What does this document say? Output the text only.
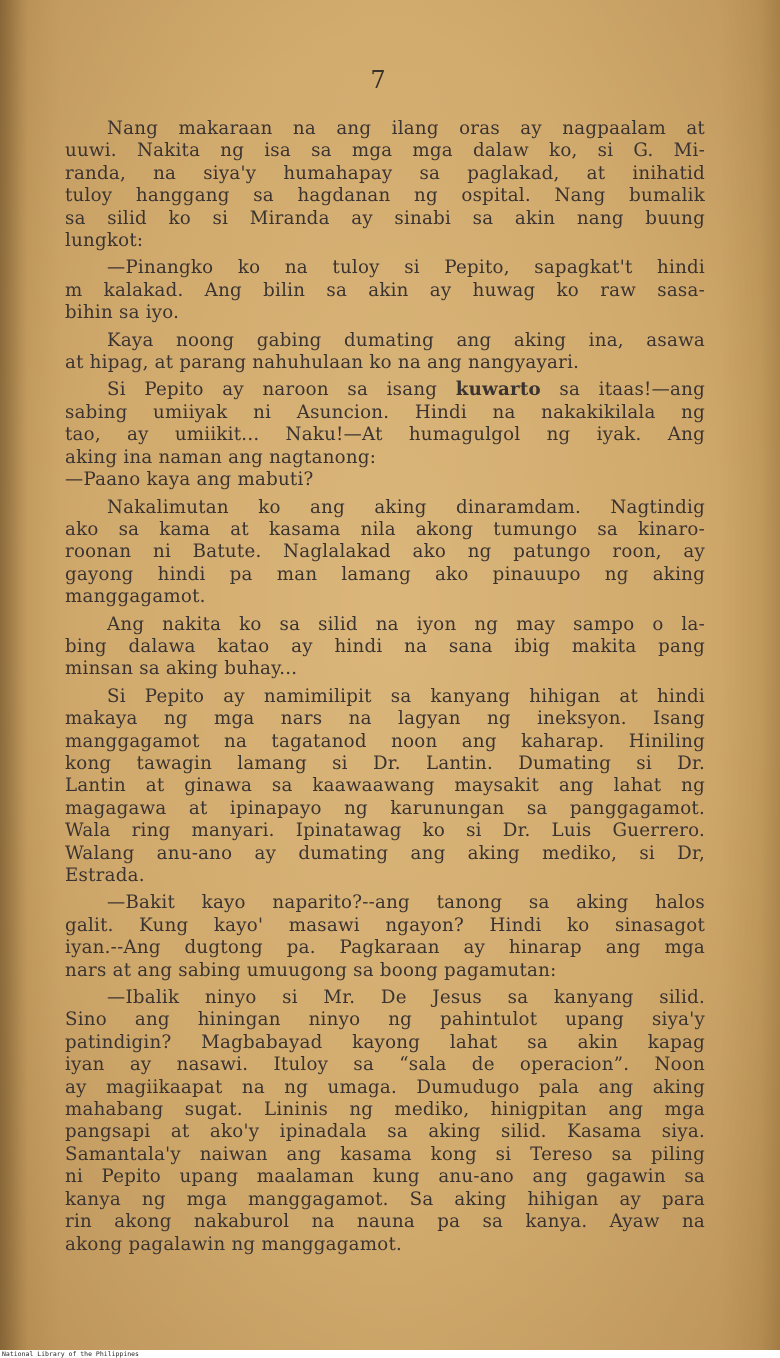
7

Nang makaraan na ang ilang oras ay nagpaalam at

uuwi. Nakita ng isa sa mga mga dalaw ko, si G. Mi-

randa, na siya'y humahapay sa paglakad, at inihatid

tuloy hanggang sa hagdanan ng ospital. Nang bumalik

sa silid ko si Miranda ay sinabi sa akin nang buung

lungkot:

—Pinangko ko na tuloy si Pepito, sapagkat't hindi

m kalakad. Ang bilin sa akin ay huwag ko raw sasa-

bihin sa iyo.

Kaya noong gabing dumating ang aking ina, asawa

at hipag, at parang nahuhulaan ko na ang nangyayari.

Si Pepito ay naroon sa isang kuwarto sa itaas!—ang

sabing umiiyak ni Asuncion. Hindi na nakakikilala ng

tao, ay umiikit... Naku!—At humagulgol ng iyak. Ang

aking ina naman ang nagtanong:

—Paano kaya ang mabuti?

Nakalimutan ko ang aking dinaramdam. Nagtindig

ako sa kama at kasama nila akong tumungo sa kinaro-

roonan ni Batute. Naglalakad ako ng patungo roon, ay

gayong hindi pa man lamang ako pinauupo ng aking

manggagamot.

Ang nakita ko sa silid na iyon ng may sampo o la-

bing dalawa katao ay hindi na sana ibig makita pang

minsan sa aking buhay...

Si Pepito ay namimilipit sa kanyang hihigan at hindi

makaya ng mga nars na lagyan ng ineksyon. Isang

manggagamot na tagatanod noon ang kaharap. Hiniling

kong tawagin lamang si Dr. Lantin. Dumating si Dr.

Lantin at ginawa sa kaawaawang maysakit ang lahat ng

magagawa at ipinapayo ng karunungan sa panggagamot.

Wala ring manyari. Ipinatawag ko si Dr. Luis Guerrero.

Walang anu-ano ay dumating ang aking mediko, si Dr,

Estrada.

—Bakit kayo naparito?--ang tanong sa aking halos

galit. Kung kayo' masawi ngayon? Hindi ko sinasagot

iyan.--Ang dugtong pa. Pagkaraan ay hinarap ang mga

nars at ang sabing umuugong sa boong pagamutan:

—Ibalik ninyo si Mr. De Jesus sa kanyang silid.

Sino ang hiningan ninyo ng pahintulot upang siya'y

patindigin? Magbabayad kayong lahat sa akin kapag

iyan ay nasawi. Ituloy sa “sala de operacion”. Noon

ay magiikaapat na ng umaga. Dumudugo pala ang aking

mahabang sugat. Lininis ng mediko, hinigpitan ang mga

pangsapi at ako'y ipinadala sa aking silid. Kasama siya.

Samantala'y naiwan ang kasama kong si Tereso sa piling

ni Pepito upang maalaman kung anu-ano ang gagawin sa

kanya ng mga manggagamot. Sa aking hihigan ay para

rin akong nakaburol na nauna pa sa kanya. Ayaw na

akong pagalawin ng manggagamot.

National Library of the Philippines
